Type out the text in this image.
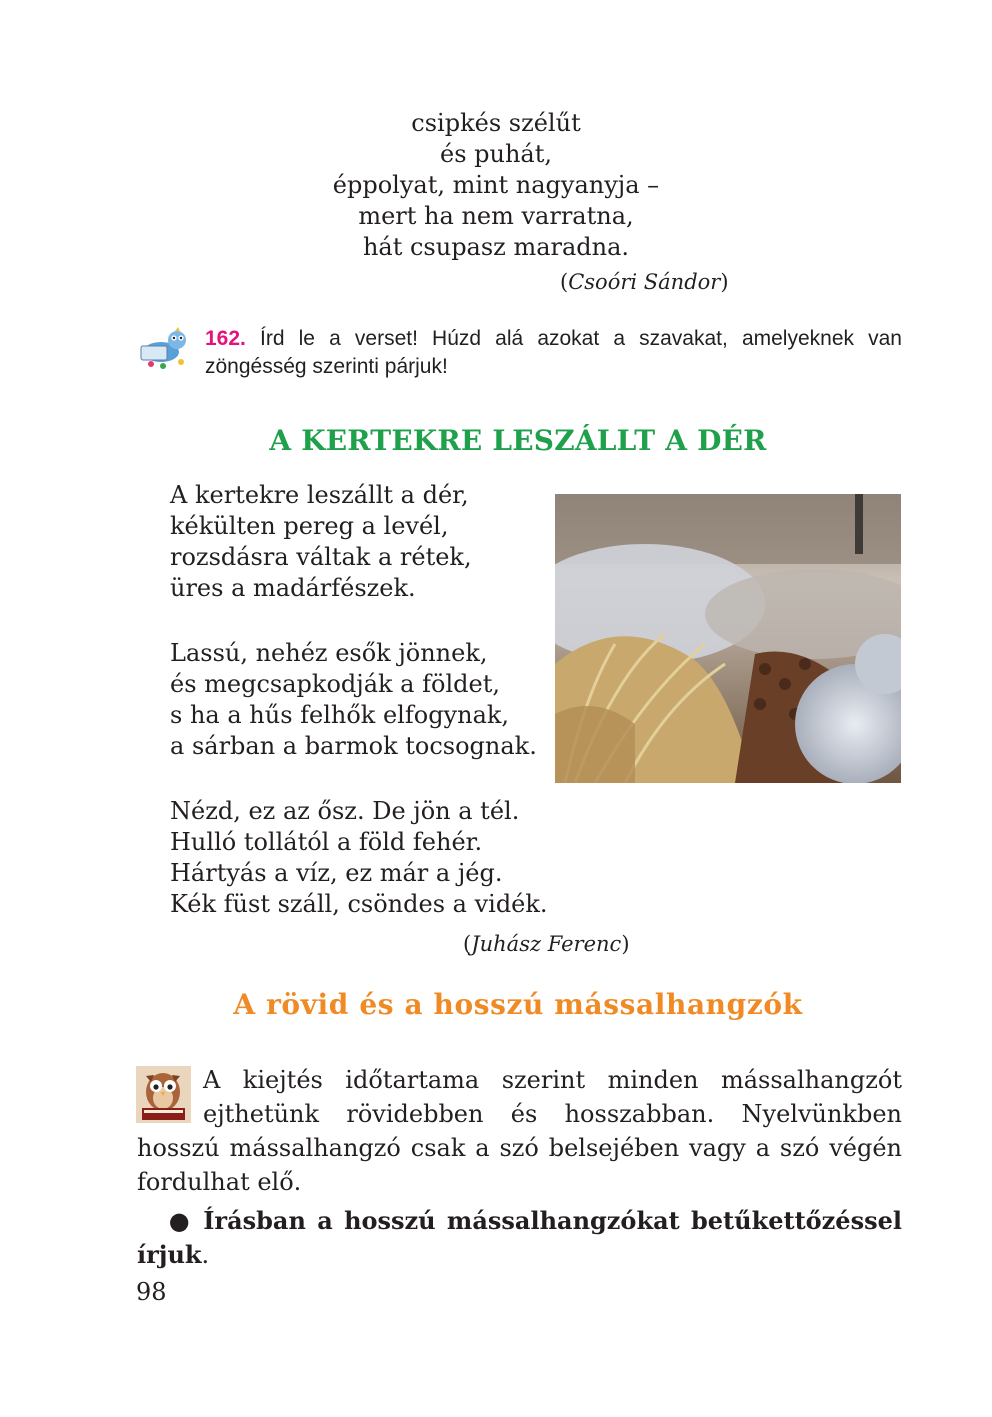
csipkés szélűt
és puhát,
éppolyat, mint nagyanyja –
mert ha nem varratna,
hát csupasz maradna.
(Csoóri Sándor)
162. Írd le a verset! Húzd alá azokat a szavakat, amelyeknek van zöngésség szerinti párjuk!
A KERTEKRE LESZÁLLT A DÉR
A kertekre leszállt a dér,
kékülten pereg a levél,
rozsdásra váltak a rétek,
üres a madárfészek.
Lassú, nehéz esők jönnek,
és megcsapkodják a földet,
s ha a hűs felhők elfogynak,
a sárban a barmok tocsognak.
Nézd, ez az ősz. De jön a tél.
Hulló tollától a föld fehér.
Hártyás a víz, ez már a jég.
Kék füst száll, csöndes a vidék.
(Juhász Ferenc)
A rövid és a hosszú mássalhangzók
A kiejtés időtartama szerint minden mássalhangzót ejthetünk rövidebben és hosszabban. Nyelvünkben hosszú mássalhangzó csak a szó belsejében vagy a szó végén fordulhat elő.
● Írásban a hosszú mássalhangzókat betűkettőzéssel írjuk.
98
